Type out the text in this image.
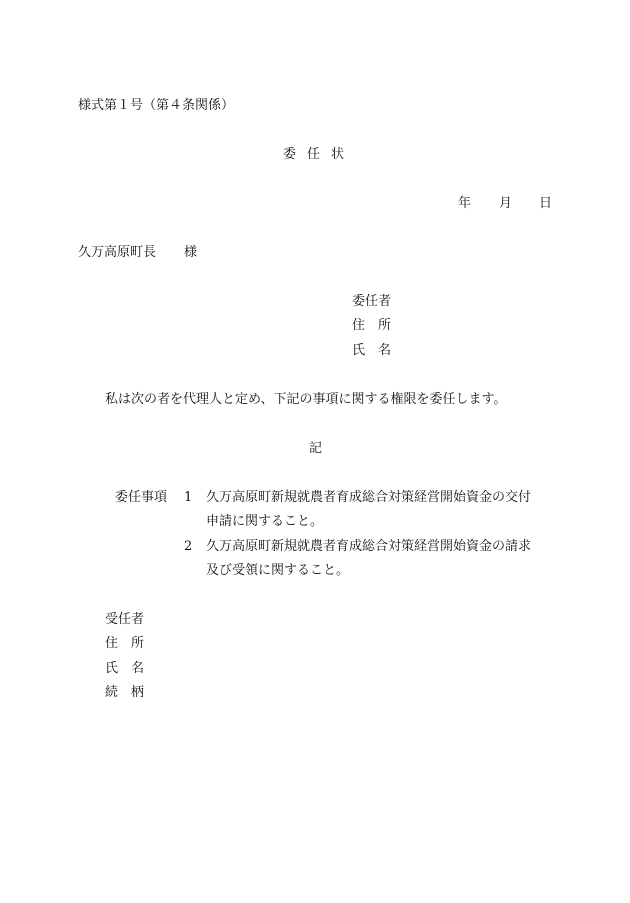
様式第１号（第４条関係）
委任状
年 月 日
久万高原町長 様
委任者
住　所
氏　名
私は次の者を代理人と定め、下記の事項に関する権限を委任します。
記
委任事項 1 久万高原町新規就農者育成総合対策経営開始資金の交付
申請に関すること。
2 久万高原町新規就農者育成総合対策経営開始資金の請求
及び受領に関すること。
受任者
住　所
氏　名
続　柄
